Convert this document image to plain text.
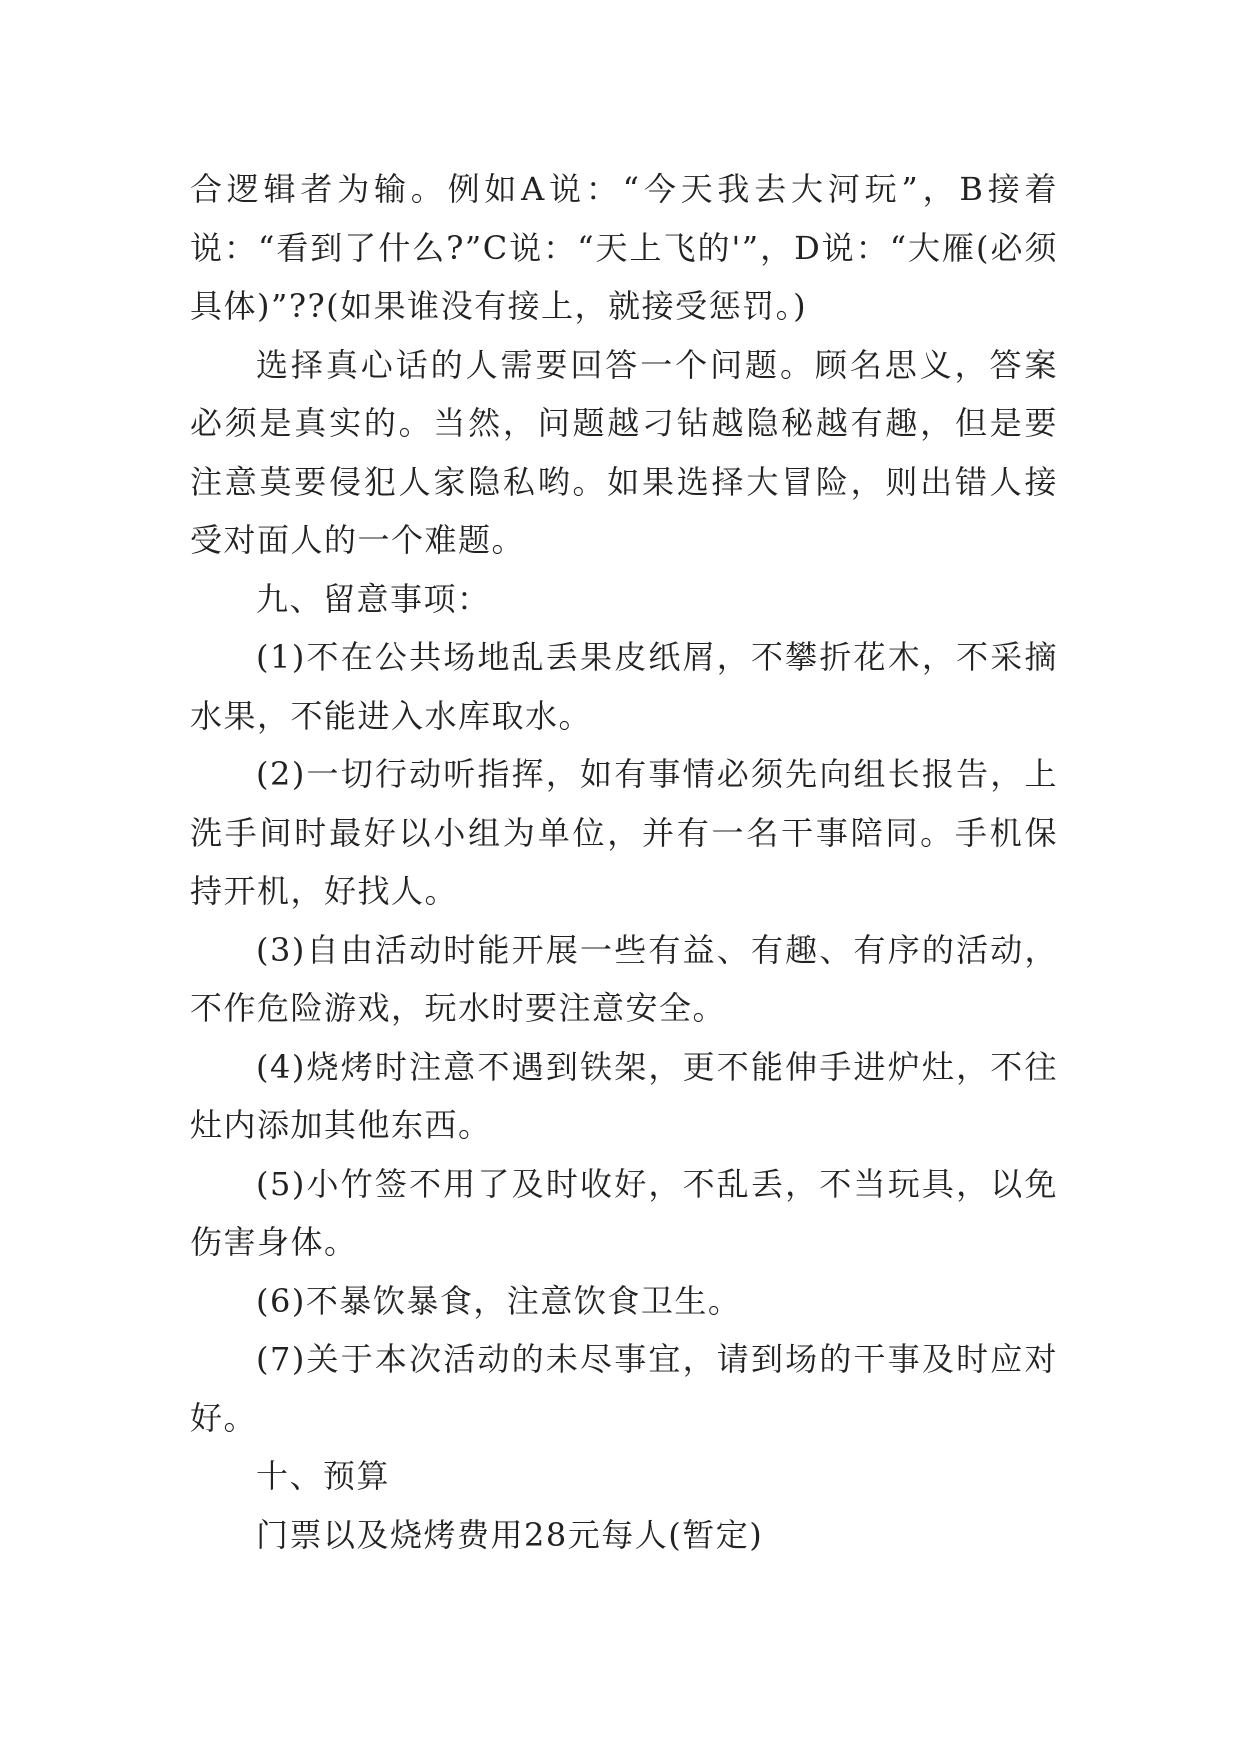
合逻辑者为输。例如A说：“今天我去大河玩”，B接着说：“看到了什么?”C说：“天上飞的'”，D说：“大雁(必须具体)”??(如果谁没有接上，就接受惩罚。)

选择真心话的人需要回答一个问题。顾名思义，答案必须是真实的。当然，问题越刁钻越隐秘越有趣，但是要注意莫要侵犯人家隐私哟。如果选择大冒险，则出错人接受对面人的一个难题。

九、留意事项：

(1)不在公共场地乱丢果皮纸屑，不攀折花木，不采摘水果，不能进入水库取水。

(2)一切行动听指挥，如有事情必须先向组长报告，上洗手间时最好以小组为单位，并有一名干事陪同。手机保持开机，好找人。

(3)自由活动时能开展一些有益、有趣、有序的活动，不作危险游戏，玩水时要注意安全。

(4)烧烤时注意不遇到铁架，更不能伸手进炉灶，不往灶内添加其他东西。

(5)小竹签不用了及时收好，不乱丢，不当玩具，以免伤害身体。

(6)不暴饮暴食，注意饮食卫生。

(7)关于本次活动的未尽事宜，请到场的干事及时应对好。

十、预算

门票以及烧烤费用28元每人(暂定)
